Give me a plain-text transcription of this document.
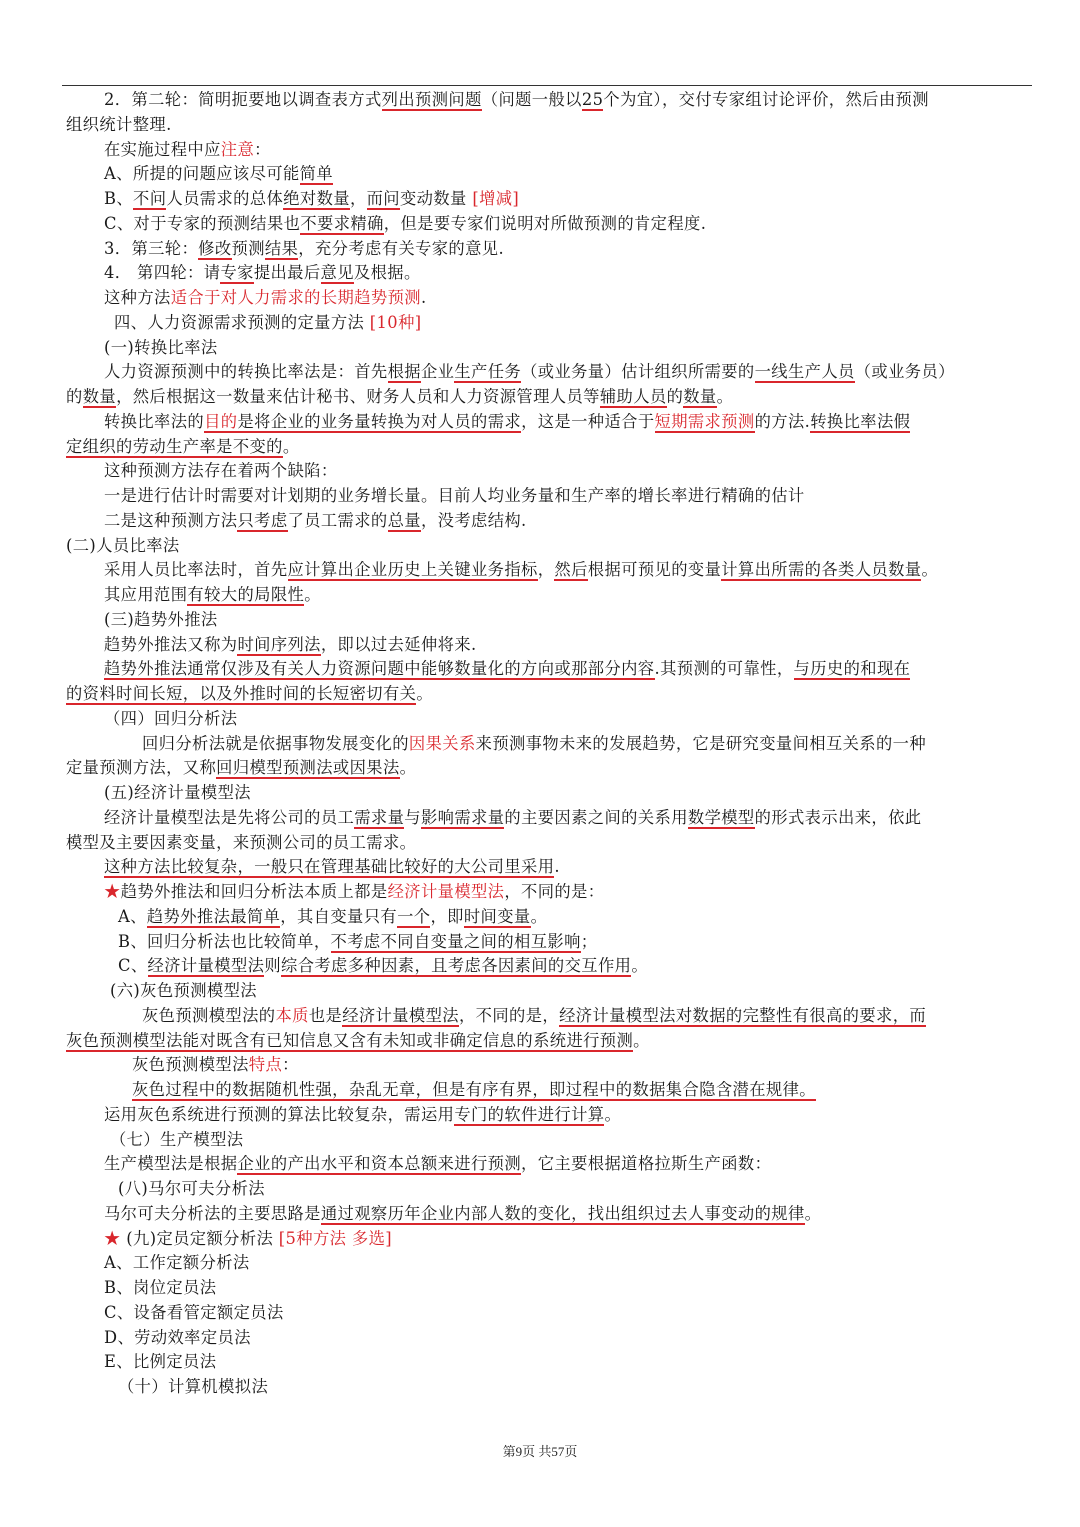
2．第二轮：简明扼要地以调查表方式列出预测问题（问题一般以25个为宜），交付专家组讨论评价，然后由预测
组织统计整理.
在实施过程中应注意：
A、所提的问题应该尽可能简单
B、不问人员需求的总体绝对数量，而问变动数量 [增减]
C、对于专家的预测结果也不要求精确，但是要专家们说明对所做预测的肯定程度.
3．第三轮：修改预测结果，充分考虑有关专家的意见.
4． 第四轮：请专家提出最后意见及根据。
这种方法适合于对人力需求的长期趋势预测.
四、人力资源需求预测的定量方法 [10种]
(一)转换比率法
人力资源预测中的转换比率法是：首先根据企业生产任务（或业务量）估计组织所需要的一线生产人员（或业务员）
的数量，然后根据这一数量来估计秘书、财务人员和人力资源管理人员等辅助人员的数量。
转换比率法的目的是将企业的业务量转换为对人员的需求，这是一种适合于短期需求预测的方法.转换比率法假
定组织的劳动生产率是不变的。
这种预测方法存在着两个缺陷：
一是进行估计时需要对计划期的业务增长量。目前人均业务量和生产率的增长率进行精确的估计
二是这种预测方法只考虑了员工需求的总量，没考虑结构.
(二)人员比率法
采用人员比率法时，首先应计算出企业历史上关键业务指标，然后根据可预见的变量计算出所需的各类人员数量。
其应用范围有较大的局限性。
(三)趋势外推法
趋势外推法又称为时间序列法，即以过去延伸将来.
趋势外推法通常仅涉及有关人力资源问题中能够数量化的方向或那部分内容.其预测的可靠性，与历史的和现在
的资料时间长短，以及外推时间的长短密切有关。
（四）回归分析法
回归分析法就是依据事物发展变化的因果关系来预测事物未来的发展趋势，它是研究变量间相互关系的一种
定量预测方法，又称回归模型预测法或因果法。
(五)经济计量模型法
经济计量模型法是先将公司的员工需求量与影响需求量的主要因素之间的关系用数学模型的形式表示出来，依此
模型及主要因素变量，来预测公司的员工需求。
这种方法比较复杂，一般只在管理基础比较好的大公司里采用.
★趋势外推法和回归分析法本质上都是经济计量模型法，不同的是：
A、趋势外推法最简单，其自变量只有一个，即时间变量。
B、回归分析法也比较简单，不考虑不同自变量之间的相互影响；
C、经济计量模型法则综合考虑多种因素，且考虑各因素间的交互作用。
(六)灰色预测模型法
灰色预测模型法的本质也是经济计量模型法，不同的是，经济计量模型法对数据的完整性有很高的要求，而
灰色预测模型法能对既含有已知信息又含有未知或非确定信息的系统进行预测。
灰色预测模型法特点：
灰色过程中的数据随机性强，杂乱无章，但是有序有界，即过程中的数据集合隐含潜在规律。
运用灰色系统进行预测的算法比较复杂，需运用专门的软件进行计算。
（七）生产模型法
生产模型法是根据企业的产出水平和资本总额来进行预测，它主要根据道格拉斯生产函数：
(八)马尔可夫分析法
马尔可夫分析法的主要思路是通过观察历年企业内部人数的变化，找出组织过去人事变动的规律。
★ (九)定员定额分析法 [5种方法 多选]
A、工作定额分析法
B、岗位定员法
C、设备看管定额定员法
D、劳动效率定员法
E、比例定员法
（十）计算机模拟法
第9页 共57页
